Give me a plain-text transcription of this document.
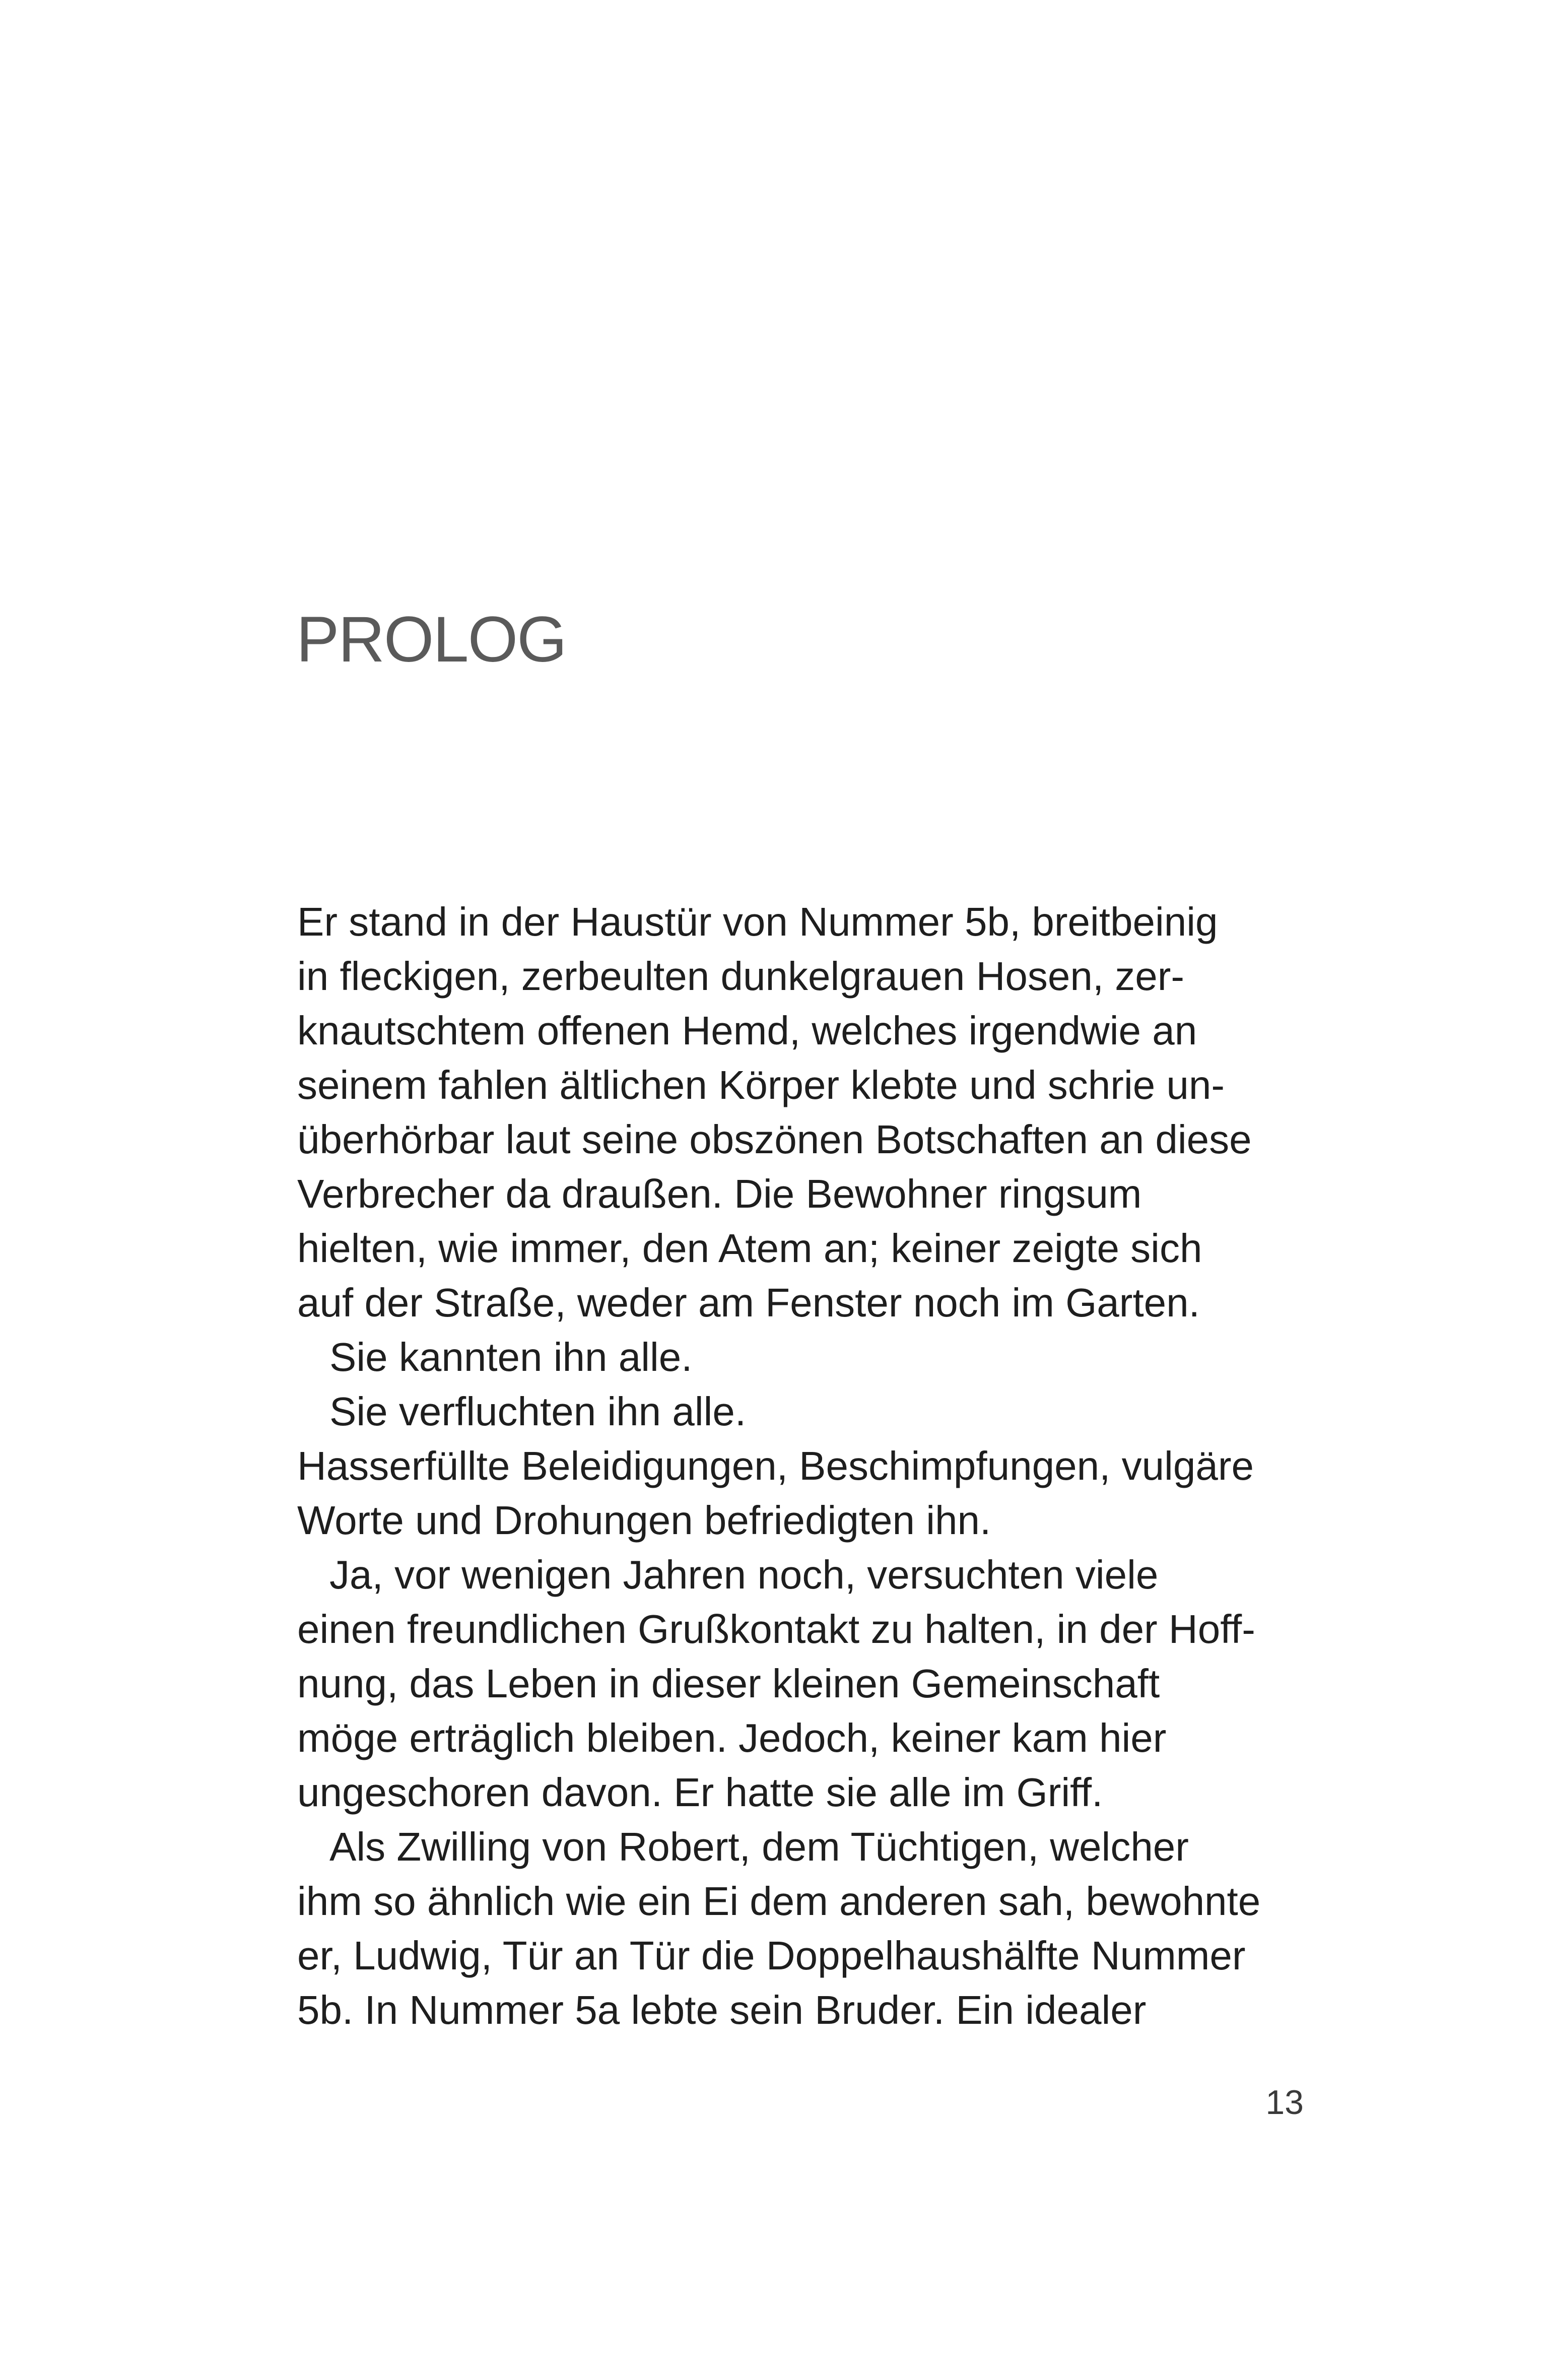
PROLOG
Er stand in der Haustür von Nummer 5b, breitbeinig
in fleckigen, zerbeulten dunkelgrauen Hosen, zer-
knautschtem offenen Hemd, welches irgendwie an
seinem fahlen ältlichen Körper klebte und schrie un-
überhörbar laut seine obszönen Botschaften an diese
Verbrecher da draußen. Die Bewohner ringsum
hielten, wie immer, den Atem an; keiner zeigte sich
auf der Straße, weder am Fenster noch im Garten.
Sie kannten ihn alle.
Sie verfluchten ihn alle.
Hasserfüllte Beleidigungen, Beschimpfungen, vulgäre
Worte und Drohungen befriedigten ihn.
Ja, vor wenigen Jahren noch, versuchten viele
einen freundlichen Grußkontakt zu halten, in der Hoff-
nung, das Leben in dieser kleinen Gemeinschaft
möge erträglich bleiben. Jedoch, keiner kam hier
ungeschoren davon. Er hatte sie alle im Griff.
Als Zwilling von Robert, dem Tüchtigen, welcher
ihm so ähnlich wie ein Ei dem anderen sah, bewohnte
er, Ludwig, Tür an Tür die Doppelhaushälfte Nummer
5b. In Nummer 5a lebte sein Bruder. Ein idealer
13
